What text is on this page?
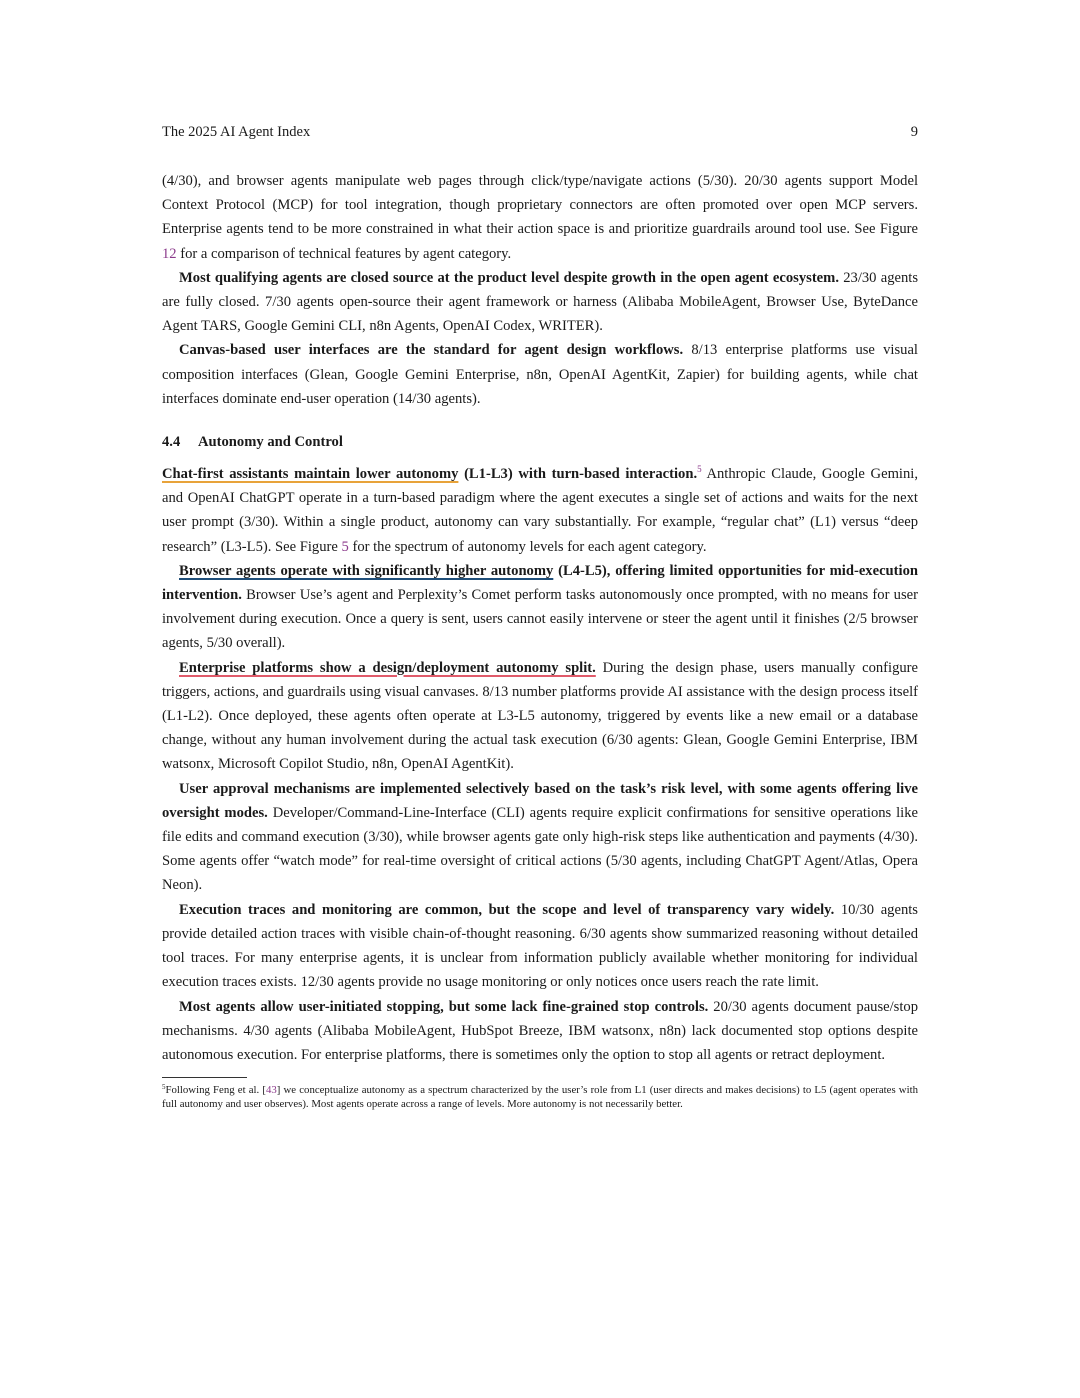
The 2025 AI Agent Index	9

(4/30), and browser agents manipulate web pages through click/type/navigate actions (5/30). 20/30 agents support Model Context Protocol (MCP) for tool integration, though proprietary connectors are often promoted over open MCP servers. Enterprise agents tend to be more constrained in what their action space is and prioritize guardrails around tool use. See Figure 12 for a comparison of technical features by agent category.

Most qualifying agents are closed source at the product level despite growth in the open agent ecosystem. 23/30 agents are fully closed. 7/30 agents open-source their agent framework or harness (Alibaba MobileAgent, Browser Use, ByteDance Agent TARS, Google Gemini CLI, n8n Agents, OpenAI Codex, WRITER).

Canvas-based user interfaces are the standard for agent design workflows. 8/13 enterprise platforms use visual composition interfaces (Glean, Google Gemini Enterprise, n8n, OpenAI AgentKit, Zapier) for building agents, while chat interfaces dominate end-user operation (14/30 agents).

4.4 Autonomy and Control

Chat-first assistants maintain lower autonomy (L1-L3) with turn-based interaction.$^5$ Anthropic Claude, Google Gemini, and OpenAI ChatGPT operate in a turn-based paradigm where the agent executes a single set of actions and waits for the next user prompt (3/30). Within a single product, autonomy can vary substantially. For example, “regular chat” (L1) versus “deep research” (L3-L5). See Figure 5 for the spectrum of autonomy levels for each agent category.

Browser agents operate with significantly higher autonomy (L4-L5), offering limited opportunities for mid-execution intervention. Browser Use’s agent and Perplexity’s Comet perform tasks autonomously once prompted, with no means for user involvement during execution. Once a query is sent, users cannot easily intervene or steer the agent until it finishes (2/5 browser agents, 5/30 overall).

Enterprise platforms show a design/deployment autonomy split. During the design phase, users manually configure triggers, actions, and guardrails using visual canvases. 8/13 number platforms provide AI assistance with the design process itself (L1-L2). Once deployed, these agents often operate at L3-L5 autonomy, triggered by events like a new email or a database change, without any human involvement during the actual task execution (6/30 agents: Glean, Google Gemini Enterprise, IBM watsonx, Microsoft Copilot Studio, n8n, OpenAI AgentKit).

User approval mechanisms are implemented selectively based on the task’s risk level, with some agents offering live oversight modes. Developer/Command-Line-Interface (CLI) agents require explicit confirmations for sensitive operations like file edits and command execution (3/30), while browser agents gate only high-risk steps like authentication and payments (4/30). Some agents offer “watch mode” for real-time oversight of critical actions (5/30 agents, including ChatGPT Agent/Atlas, Opera Neon).

Execution traces and monitoring are common, but the scope and level of transparency vary widely. 10/30 agents provide detailed action traces with visible chain-of-thought reasoning. 6/30 agents show summarized reasoning without detailed tool traces. For many enterprise agents, it is unclear from information publicly available whether monitoring for individual execution traces exists. 12/30 agents provide no usage monitoring or only notices once users reach the rate limit.

Most agents allow user-initiated stopping, but some lack fine-grained stop controls. 20/30 agents document pause/stop mechanisms. 4/30 agents (Alibaba MobileAgent, HubSpot Breeze, IBM watsonx, n8n) lack documented stop options despite autonomous execution. For enterprise platforms, there is sometimes only the option to stop all agents or retract deployment.

$^5$Following Feng et al. [43] we conceptualize autonomy as a spectrum characterized by the user’s role from L1 (user directs and makes decisions) to L5 (agent operates with full autonomy and user observes). Most agents operate across a range of levels. More autonomy is not necessarily better.
